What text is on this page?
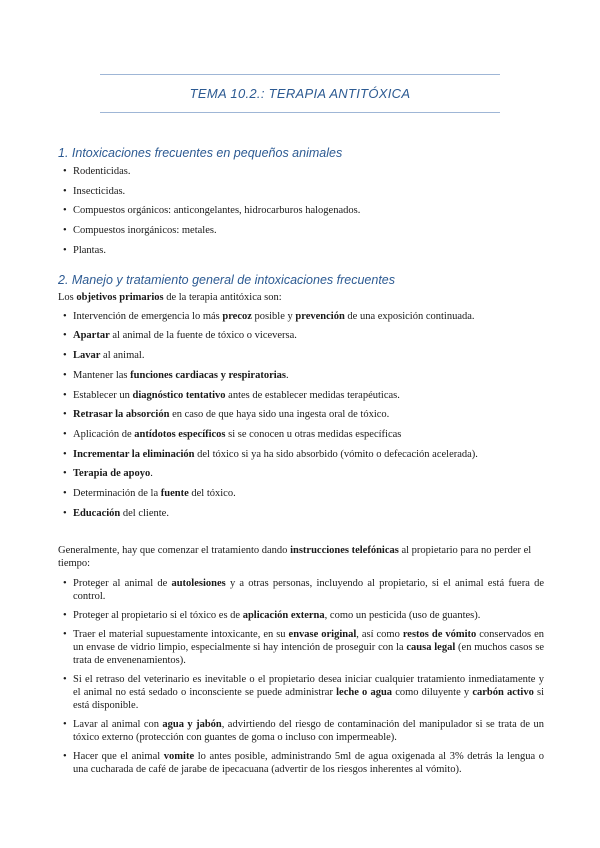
TEMA 10.2.: TERAPIA ANTITÓXICA
1. Intoxicaciones frecuentes en pequeños animales
• Rodenticidas.
• Insecticidas.
• Compuestos orgánicos: anticongelantes, hidrocarburos halogenados.
• Compuestos inorgánicos: metales.
• Plantas.
2. Manejo y tratamiento general de intoxicaciones frecuentes

Los objetivos primarios de la terapia antitóxica son:

• Intervención de emergencia lo más precoz posible y prevención de una exposición continuada.
• Apartar al animal de la fuente de tóxico o viceversa.
• Lavar al animal.
• Mantener las funciones cardiacas y respiratorias.
• Establecer un diagnóstico tentativo antes de establecer medidas terapéuticas.
• Retrasar la absorción en caso de que haya sido una ingesta oral de tóxico.
• Aplicación de antídotos específicos si se conocen u otras medidas específicas
• Incrementar la eliminación del tóxico si ya ha sido absorbido (vómito o defecación acelerada).
• Terapia de apoyo.
• Determinación de la fuente del tóxico.
• Educación del cliente.

Generalmente, hay que comenzar el tratamiento dando instrucciones telefónicas al propietario para no perder el tiempo:

• Proteger al animal de autolesiones y a otras personas, incluyendo al propietario, si el animal está fuera de control.
• Proteger al propietario si el tóxico es de aplicación externa, como un pesticida (uso de guantes).
• Traer el material supuestamente intoxicante, en su envase original, así como restos de vómito conservados en un envase de vidrio limpio, especialmente si hay intención de proseguir con la causa legal (en muchos casos se trata de envenenamientos).
• Si el retraso del veterinario es inevitable o el propietario desea iniciar cualquier tratamiento inmediatamente y el animal no está sedado o inconsciente se puede administrar leche o agua como diluyente y carbón activo si está disponible.
• Lavar al animal con agua y jabón, advirtiendo del riesgo de contaminación del manipulador si se trata de un tóxico externo (protección con guantes de goma o incluso con impermeable).
• Hacer que el animal vomite lo antes posible, administrando 5ml de agua oxigenada al 3% detrás la lengua o una cucharada de café de jarabe de ipecacuana (advertir de los riesgos inherentes al vómito).
